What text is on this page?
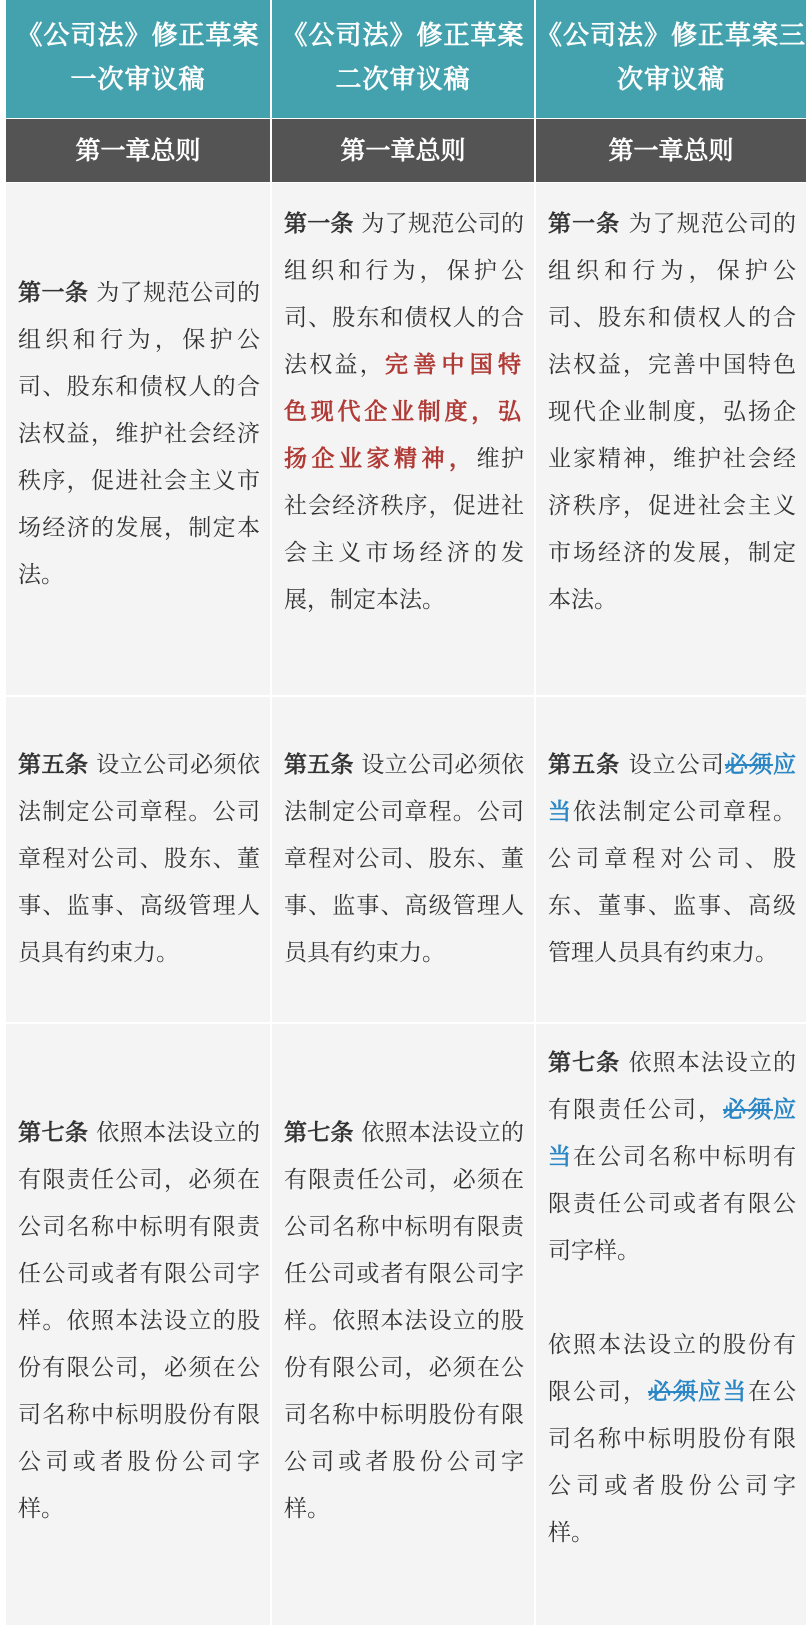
《公司法》修正草案一次审议稿
《公司法》修正草案二次审议稿
《公司法》修正草案三次审议稿
第一章总则	第一章总则	第一章总则
第一条 为了规范公司的组织和行为，保护公司、股东和债权人的合法权益，维护社会经济秩序，促进社会主义市场经济的发展，制定本法。
第一条 为了规范公司的组织和行为，保护公司、股东和债权人的合法权益，完善中国特色现代企业制度，弘扬企业家精神，维护社会经济秩序，促进社会主义市场经济的发展，制定本法。
第一条 为了规范公司的组织和行为，保护公司、股东和债权人的合法权益，完善中国特色现代企业制度，弘扬企业家精神，维护社会经济秩序，促进社会主义市场经济的发展，制定本法。
第五条 设立公司必须依法制定公司章程。公司章程对公司、股东、董事、监事、高级管理人员具有约束力。
第五条 设立公司必须依法制定公司章程。公司章程对公司、股东、董事、监事、高级管理人员具有约束力。
第五条 设立公司必须应当依法制定公司章程。公司章程对公司、股东、董事、监事、高级管理人员具有约束力。
第七条 依照本法设立的有限责任公司，必须在公司名称中标明有限责任公司或者有限公司字样。依照本法设立的股份有限公司，必须在公司名称中标明股份有限公司或者股份公司字样。
第七条 依照本法设立的有限责任公司，必须在公司名称中标明有限责任公司或者有限公司字样。依照本法设立的股份有限公司，必须在公司名称中标明股份有限公司或者股份公司字样。
第七条 依照本法设立的有限责任公司，必须应当在公司名称中标明有限责任公司或者有限公司字样。
依照本法设立的股份有限公司，必须应当在公司名称中标明股份有限公司或者股份公司字样。
